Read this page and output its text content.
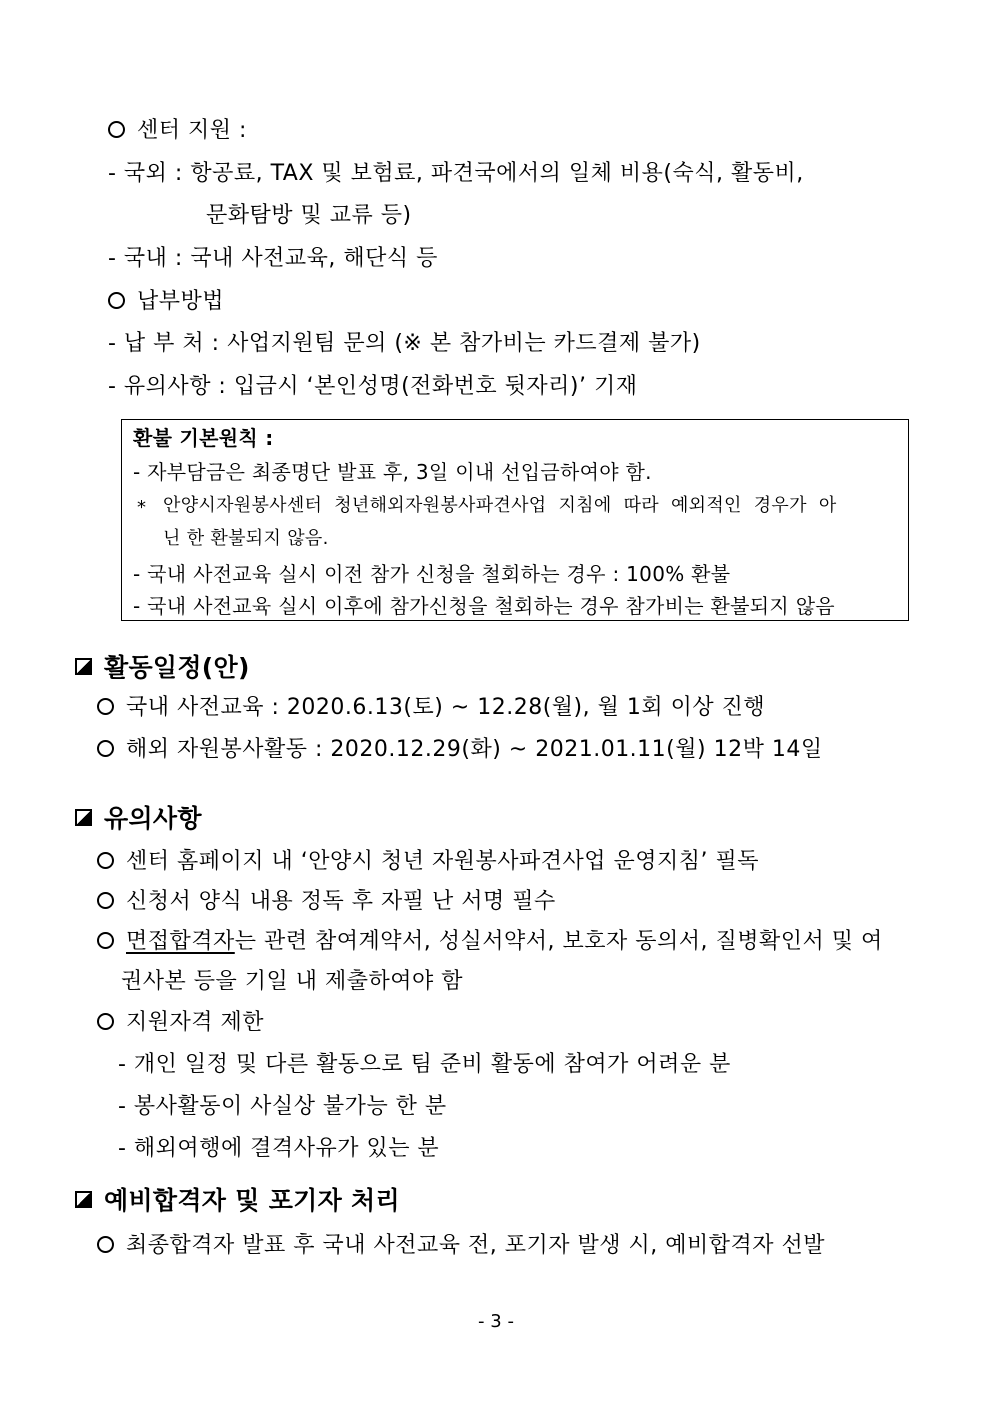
센터 지원 :
- 국외 : 항공료, TAX 및 보험료, 파견국에서의 일체 비용(숙식, 활동비,
문화탐방 및 교류 등)
- 국내 : 국내 사전교육, 해단식 등
납부방법
- 납 부 처 : 사업지원팀 문의 (※ 본 참가비는 카드결제 불가)
- 유의사항 : 입금시 ‘본인성명(전화번호 뒷자리)’ 기재
환불 기본원칙 :
- 자부담금은 최종명단 발표 후, 3일 이내 선입금하여야 함.
* 안양시자원봉사센터 청년해외자원봉사파견사업 지침에 따라 예외적인 경우가 아
닌 한 환불되지 않음.
- 국내 사전교육 실시 이전 참가 신청을 철회하는 경우 : 100% 환불
- 국내 사전교육 실시 이후에 참가신청을 철회하는 경우 참가비는 환불되지 않음
활동일정(안)
국내 사전교육 : 2020.6.13(토) ~ 12.28(월), 월 1회 이상 진행
해외 자원봉사활동 : 2020.12.29(화) ~ 2021.01.11(월) 12박 14일
유의사항
센터 홈페이지 내 ‘안양시 청년 자원봉사파견사업 운영지침’ 필독
신청서 양식 내용 정독 후 자필 난 서명 필수
면접합격자는 관련 참여계약서, 성실서약서, 보호자 동의서, 질병확인서 및 여
권사본 등을 기일 내 제출하여야 함
지원자격 제한
- 개인 일정 및 다른 활동으로 팀 준비 활동에 참여가 어려운 분
- 봉사활동이 사실상 불가능 한 분
- 해외여행에 결격사유가 있는 분
예비합격자 및 포기자 처리
최종합격자 발표 후 국내 사전교육 전, 포기자 발생 시, 예비합격자 선발
- 3 -
